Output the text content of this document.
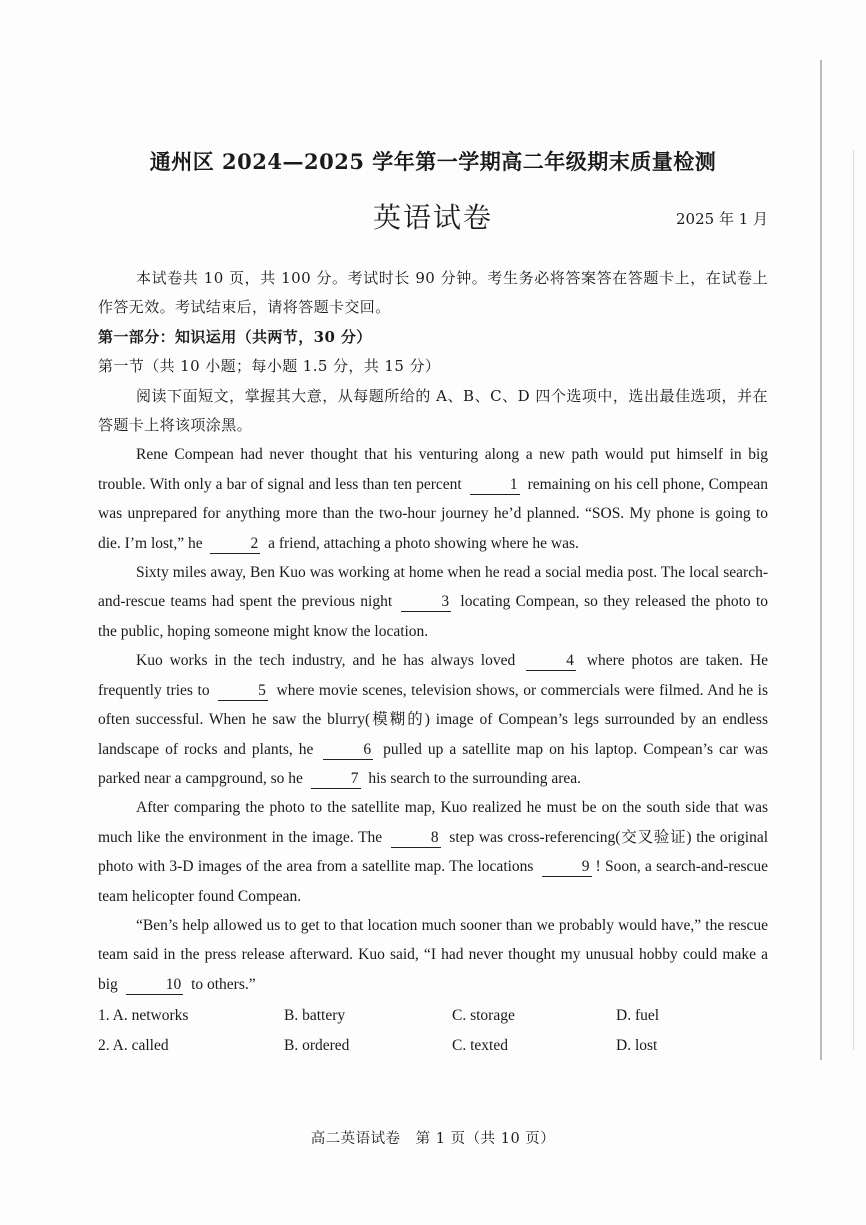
通州区 2024—2025 学年第一学期高二年级期末质量检测
英语试卷	2025 年 1 月

本试卷共 10 页，共 100 分。考试时长 90 分钟。考生务必将答案答在答题卡上，在试卷上作答无效。考试结束后，请将答题卡交回。

第一部分：知识运用（共两节，30 分）

第一节（共 10 小题；每小题 1.5 分，共 15 分）

阅读下面短文，掌握其大意，从每题所给的 A、B、C、D 四个选项中，选出最佳选项，并在答题卡上将该项涂黑。

Rene Compean had never thought that his venturing along a new path would put himself in big trouble. With only a bar of signal and less than ten percent	1 remaining on his cell phone, Compean was unprepared for anything more than the two-hour journey he’d planned. “SOS. My phone is going to die. I’m lost,” he	2 a friend, attaching a photo showing where he was.

Sixty miles away, Ben Kuo was working at home when he read a social media post. The local search-and-rescue teams had spent the previous night	3 locating Compean, so they released the photo to the public, hoping someone might know the location.

Kuo works in the tech industry, and he has always loved	4 where photos are taken. He frequently tries to	5 where movie scenes, television shows, or commercials were filmed. And he is often successful. When he saw the blurry(模糊的) image of Compean’s legs surrounded by an endless landscape of rocks and plants, he	6 pulled up a satellite map on his laptop. Compean’s car was parked near a campground, so he	7 his search to the surrounding area.

After comparing the photo to the satellite map, Kuo realized he must be on the south side that was much like the environment in the image. The	8 step was cross-referencing(交叉验证) the original photo with 3-D images of the area from a satellite map. The locations	9 ! Soon, a search-and-rescue team helicopter found Compean.

“Ben’s help allowed us to get to that location much sooner than we probably would have,” the rescue team said in the press release afterward. Kuo said, “I had never thought my unusual hobby could make a big	10 to others.”

1. A. networks	B. battery	C. storage	D. fuel
2. A. called	B. ordered	C. texted	D. lost
高二英语试卷　第 1 页（共 10 页）
